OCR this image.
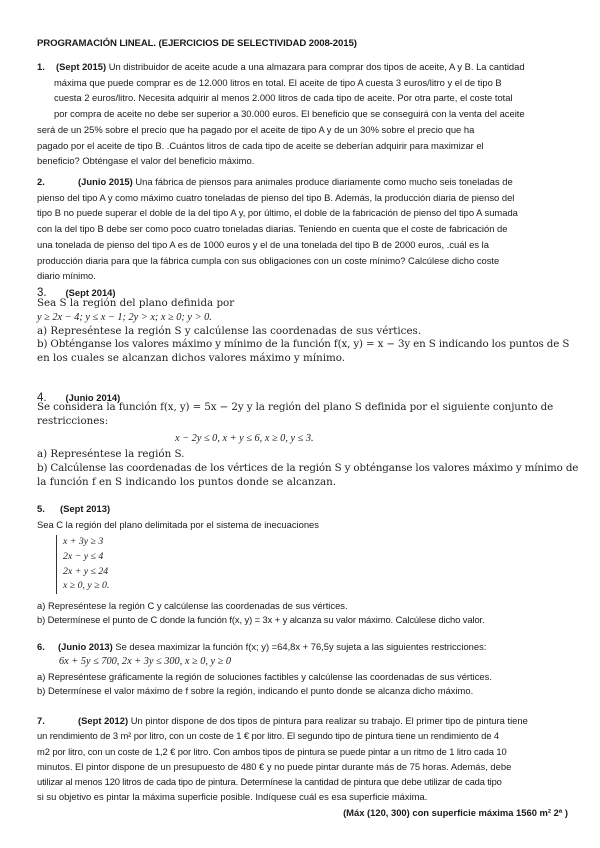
PROGRAMACIÓN LINEAL. (EJERCICIOS DE SELECTIVIDAD 2008-2015)
1. (Sept 2015) Un distribuidor de aceite acude a una almazara para comprar dos tipos de aceite, A y B. La cantidad
máxima que puede comprar es de 12.000 litros en total. El aceite de tipo A cuesta 3 euros/litro y el de tipo B
cuesta 2 euros/litro. Necesita adquirir al menos 2.000 litros de cada tipo de aceite. Por otra parte, el coste total
por compra de aceite no debe ser superior a 30.000 euros. El beneficio que se conseguirá con la venta del aceite
será de un 25% sobre el precio que ha pagado por el aceite de tipo A y de un 30% sobre el precio que ha
pagado por el aceite de tipo B. .Cuántos litros de cada tipo de aceite se deberían adquirir para maximizar el
beneficio? Obténgase el valor del beneficio máximo.
2.	(Junio 2015) Una fábrica de piensos para animales produce diariamente como mucho seis toneladas de
pienso del tipo A y como máximo cuatro toneladas de pienso del tipo B. Además, la producción diaria de pienso del
tipo B no puede superar el doble de la del tipo A y, por último, el doble de la fabricación de pienso del tipo A sumada
con la del tipo B debe ser como poco cuatro toneladas diarias. Teniendo en cuenta que el coste de fabricación de
una tonelada de pienso del tipo A es de 1000 euros y el de una tonelada del tipo B de 2000 euros, .cuál es la
producción diaria para que la fábrica cumpla con sus obligaciones con un coste mínimo? Calcúlese dicho coste
diario mínimo.
3. (Sept 2014)
Sea S la región del plano definida por
y ≥ 2x − 4; y ≤ x − 1; 2y > x; x ≥ 0; y > 0.
a) Represéntese la región S y calcúlense las coordenadas de sus vértices.
b) Obténganse los valores máximo y mínimo de la función f(x, y) = x − 3y en S indicando los puntos de S
en los cuales se alcanzan dichos valores máximo y mínimo.
4. (Junio 2014)
Se considera la función f(x, y) = 5x − 2y y la región del plano S definida por el siguiente conjunto de
restricciones:
x − 2y ≤ 0, x + y ≤ 6, x ≥ 0, y ≤ 3.
a) Represéntese la región S.
b) Calcúlense las coordenadas de los vértices de la región S y obténganse los valores máximo y mínimo de
la función f en S indicando los puntos donde se alcanzan.
5. (Sept 2013)
Sea C la región del plano delimitada por el sistema de inecuaciones
x + 3y ≥ 3
2x − y ≤ 4
2x + y ≤ 24
x ≥ 0, y ≥ 0.
a) Represéntese la región C y calcúlense las coordenadas de sus vértices.
b) Determínese el punto de C donde la función f(x, y) = 3x + y alcanza su valor máximo. Calcúlese dicho valor.
6. (Junio 2013) Se desea maximizar la función f(x; y) =64,8x + 76,5y sujeta a las siguientes restricciones:
6x + 5y ≤ 700, 2x + 3y ≤ 300, x ≥ 0, y ≥ 0
a) Represéntese gráficamente la región de soluciones factibles y calcúlense las coordenadas de sus vértices.
b) Determínese el valor máximo de f sobre la región, indicando el punto donde se alcanza dicho máximo.
7.	(Sept 2012) Un pintor dispone de dos tipos de pintura para realizar su trabajo. El primer tipo de pintura tiene
un rendimiento de 3 m² por litro, con un coste de 1 € por litro. El segundo tipo de pintura tiene un rendimiento de 4
m2 por litro, con un coste de 1,2 € por litro. Con ambos tipos de pintura se puede pintar a un ritmo de 1 litro cada 10
minutos. El pintor dispone de un presupuesto de 480 € y no puede pintar durante más de 75 horas. Además, debe
utilizar al menos 120 litros de cada tipo de pintura. Determínese la cantidad de pintura que debe utilizar de cada tipo
si su objetivo es pintar la máxima superficie posible. Indíquese cuál es esa superficie máxima.
(Máx (120, 300) con superficie máxima 1560 m² 2ª )
